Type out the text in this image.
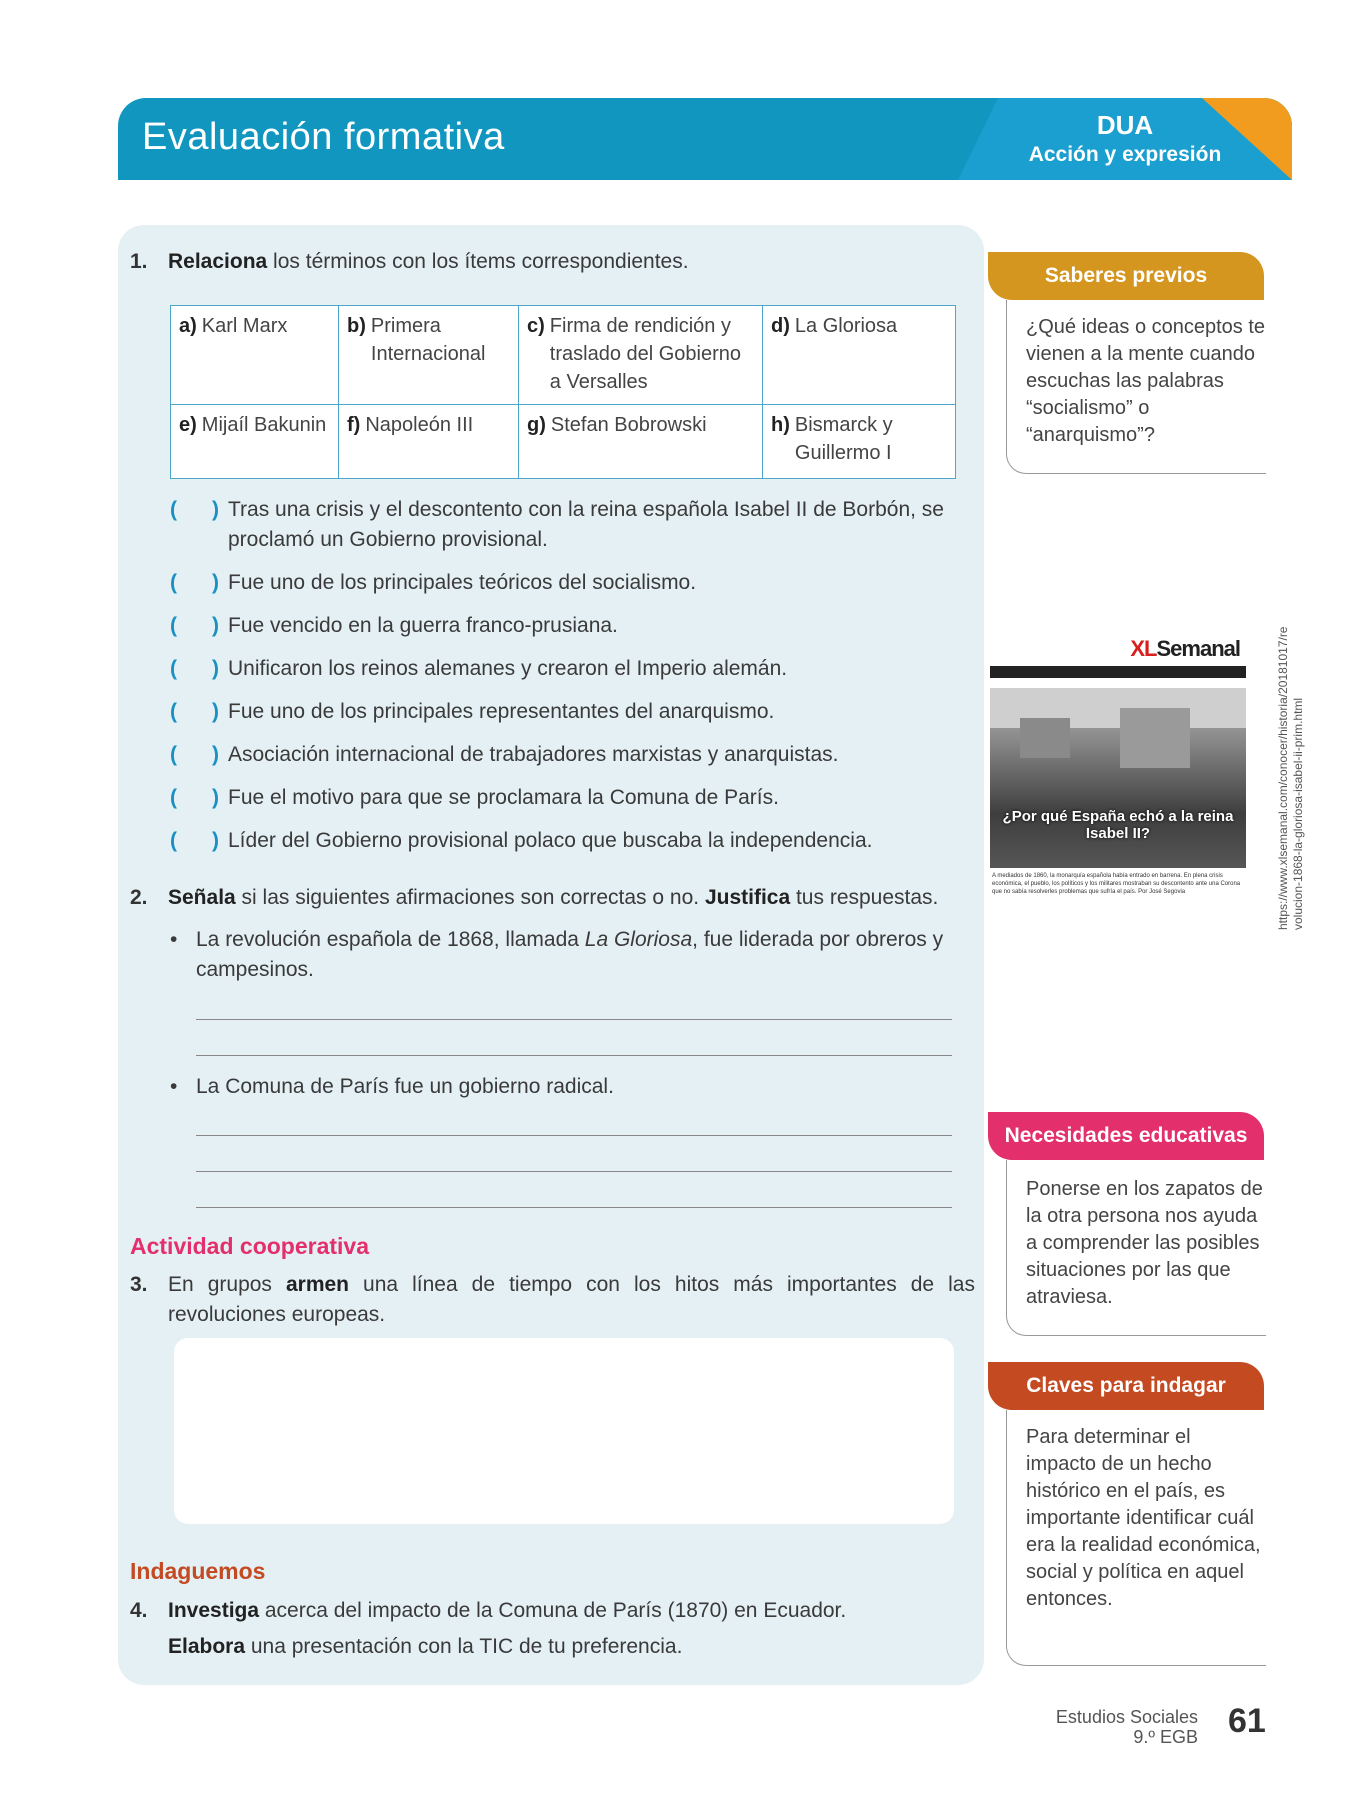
Evaluación formativa	DUA
Acción y expresión
1. Relaciona los términos con los ítems correspondientes.
a) Karl Marx	b) Primera Internacional	c) Firma de rendición y traslado del Gobierno a Versalles	d) La Gloriosa

e) Mijaíl Bakunin	f) Napoleón III	g) Stefan Bobrowski	h) Bismarck y Guillermo I
(      ) Tras una crisis y el descontento con la reina española Isabel II de Borbón, se proclamó un Gobierno provisional.
(      ) Fue uno de los principales teóricos del socialismo.
(      ) Fue vencido en la guerra franco-prusiana.
(      ) Unificaron los reinos alemanes y crearon el Imperio alemán.
(      ) Fue uno de los principales representantes del anarquismo.
(      ) Asociación internacional de trabajadores marxistas y anarquistas.
(      ) Fue el motivo para que se proclamara la Comuna de París.
(      ) Líder del Gobierno provisional polaco que buscaba la independencia.
2. Señala si las siguientes afirmaciones son correctas o no. Justifica tus respuestas.
• La revolución española de 1868, llamada La Gloriosa, fue liderada por obreros y campesinos.
• La Comuna de París fue un gobierno radical.
Actividad cooperativa
3. En grupos armen una línea de tiempo con los hitos más importantes de las revoluciones europeas.
Indaguemos
4. Investiga acerca del impacto de la Comuna de París (1870) en Ecuador.
Elabora una presentación con la TIC de tu preferencia.
Saberes previos
¿Qué ideas o conceptos te vienen a la mente cuando escuchas las palabras “socialismo” o “anarquismo”?
XLSemanal
¿Por qué España echó a la reina Isabel II?
A mediados de 1860, la monarquía española había entrado en barrena. En plena crisis económica, el pueblo, los políticos y los militares mostraban su descontento ante una Corona que no sabía resolverles problemas que sufría el país. Por José Segovia	https://www.xlsemanal.com/conocer/historia/20181017/revolucion-1868-la-gloriosa-isabel-ii-prim.html
Necesidades educativas
Ponerse en los zapatos de la otra persona nos ayuda a comprender las posibles situaciones por las que atraviesa.
Claves para indagar
Para determinar el impacto de un hecho histórico en el país, es importante identificar cuál era la realidad económica, social y política en aquel entonces.
Estudios Sociales
9.º EGB 61
